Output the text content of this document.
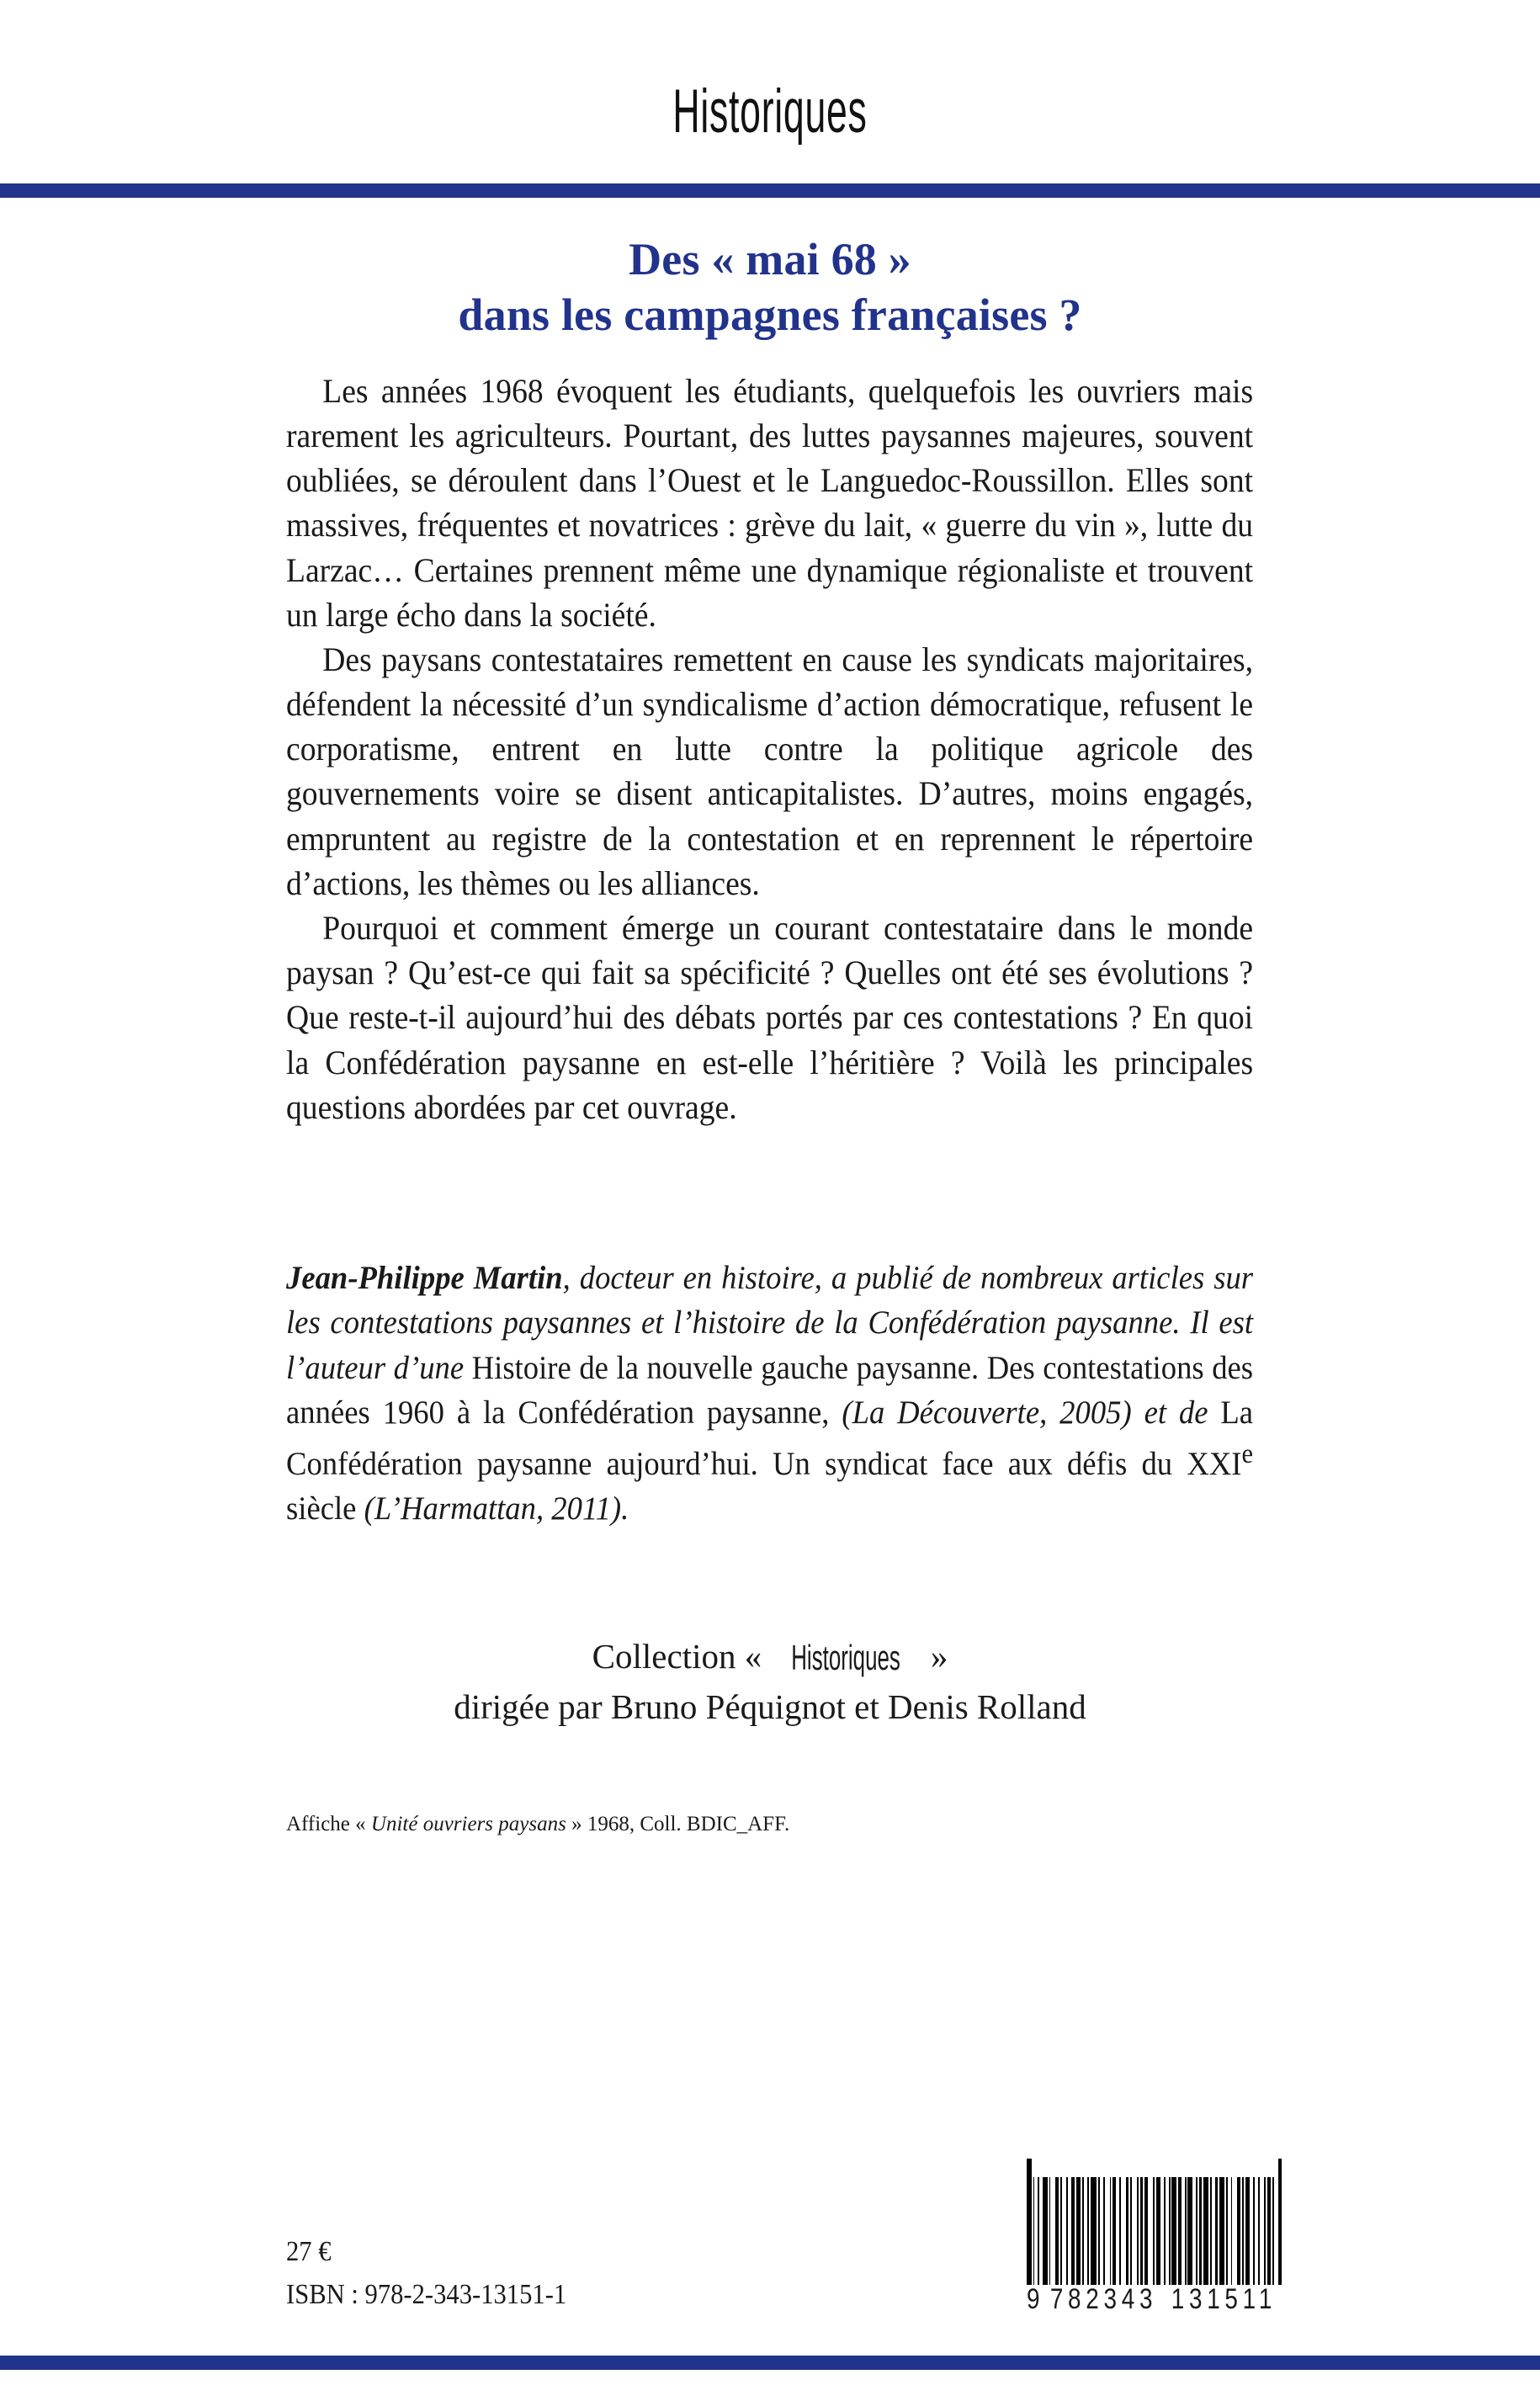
Historiques
Des « mai 68 »
dans les campagnes françaises ?

Les années 1968 évoquent les étudiants, quelquefois les ouvriers mais rarement les agriculteurs. Pourtant, des luttes paysannes majeures, souvent oubliées, se déroulent dans l’Ouest et le Languedoc-Roussillon. Elles sont massives, fréquentes et novatrices : grève du lait, « guerre du vin », lutte du Larzac… Certaines prennent même une dynamique régionaliste et trouvent un large écho dans la société.

Des paysans contestataires remettent en cause les syndicats majoritaires, défendent la nécessité d’un syndicalisme d’action démocratique, refusent le corporatisme, entrent en lutte contre la politique agricole des gouvernements voire se disent anticapitalistes. D’autres, moins engagés, empruntent au registre de la contestation et en reprennent le répertoire d’actions, les thèmes ou les alliances.

Pourquoi et comment émerge un courant contestataire dans le monde paysan ? Qu’est-ce qui fait sa spécificité ? Quelles ont été ses évolutions ? Que reste-t-il aujourd’hui des débats portés par ces contestations ? En quoi la Confédération paysanne en est-elle l’héritière ? Voilà les principales questions abordées par cet ouvrage.

Jean-Philippe Martin, docteur en histoire, a publié de nombreux articles sur les contestations paysannes et l’histoire de la Confédération paysanne. Il est l’auteur d’une Histoire de la nouvelle gauche paysanne. Des contestations des années 1960 à la Confédération paysanne, (La Découverte, 2005) et de La Confédération paysanne aujourd’hui. Un syndicat face aux défis du XXIe siècle (L’Harmattan, 2011).

Collection « Historiques »
dirigée par Bruno Péquignot et Denis Rolland
Affiche « Unité ouvriers paysans » 1968, Coll. BDIC_AFF.
27 €
ISBN : 978-2-343-13151-1	9 782343 131511
